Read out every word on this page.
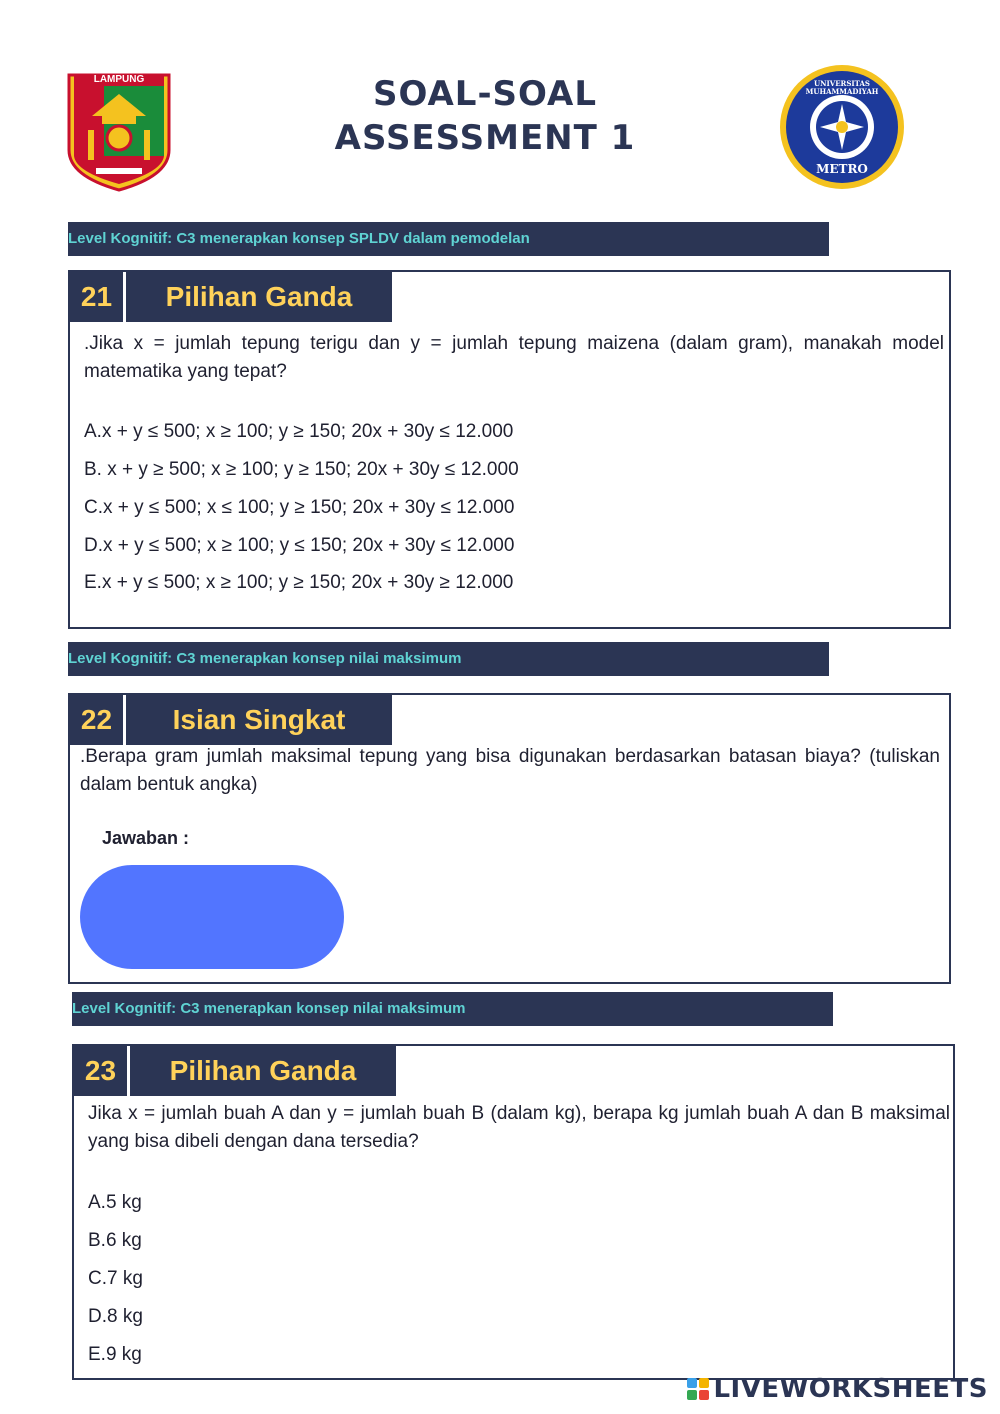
LAMPUNG	SOAL-SOAL
ASSESSMENT 1
UNIVERSITAS MUHAMMADIYAH
METRO
Level Kognitif: C3 menerapkan konsep SPLDV dalam pemodelan
21	Pilihan Ganda
.Jika x = jumlah tepung terigu dan y = jumlah tepung maizena (dalam gram), manakah model matematika yang tepat?
A.x + y ≤ 500; x ≥ 100; y ≥ 150; 20x + 30y ≤ 12.000
B. x + y ≥ 500; x ≥ 100; y ≥ 150; 20x + 30y ≤ 12.000
C.x + y ≤ 500; x ≤ 100; y ≥ 150; 20x + 30y ≤ 12.000
D.x + y ≤ 500; x ≥ 100; y ≤ 150; 20x + 30y ≤ 12.000
E.x + y ≤ 500; x ≥ 100; y ≥ 150; 20x + 30y ≥ 12.000
Level Kognitif: C3 menerapkan konsep nilai maksimum
22	Isian Singkat
.Berapa gram jumlah maksimal tepung yang bisa digunakan berdasarkan batasan biaya? (tuliskan dalam bentuk angka)
Jawaban :
Level Kognitif: C3 menerapkan konsep nilai maksimum
23	Pilihan Ganda
Jika x = jumlah buah A dan y = jumlah buah B (dalam kg), berapa kg jumlah buah A dan B maksimal yang bisa dibeli dengan dana tersedia?
A.5 kg
B.6 kg
C.7 kg
D.8 kg
E.9 kg
LIVEWORKSHEETS
